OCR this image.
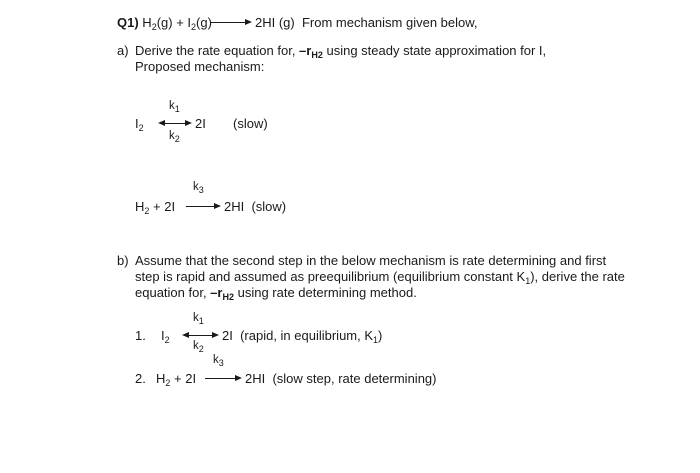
Q1) $H_2(g) + I_2(g)$	2HI (g) From mechanism given below,
a) Derive the rate equation for, $-r_{H2}$ using steady state approximation for I,
Proposed mechanism:
$I_2$
$k_1$
$k_2$
2I (slow)
$k_3$
$H_2 + 2I$	2HI (slow)
b) Assume that the second step in the below mechanism is rate determining and first
step is rapid and assumed as preequilibrium (equilibrium constant $K_1$), derive the rate
equation for, $-r_{H2}$ using rate determining method.
1. $I_2$
$k_1$
$k_2$
2I (rapid, in equilibrium, $K_1$)
$k_3$
2. $H_2 + 2I$	2HI (slow step, rate determining)
